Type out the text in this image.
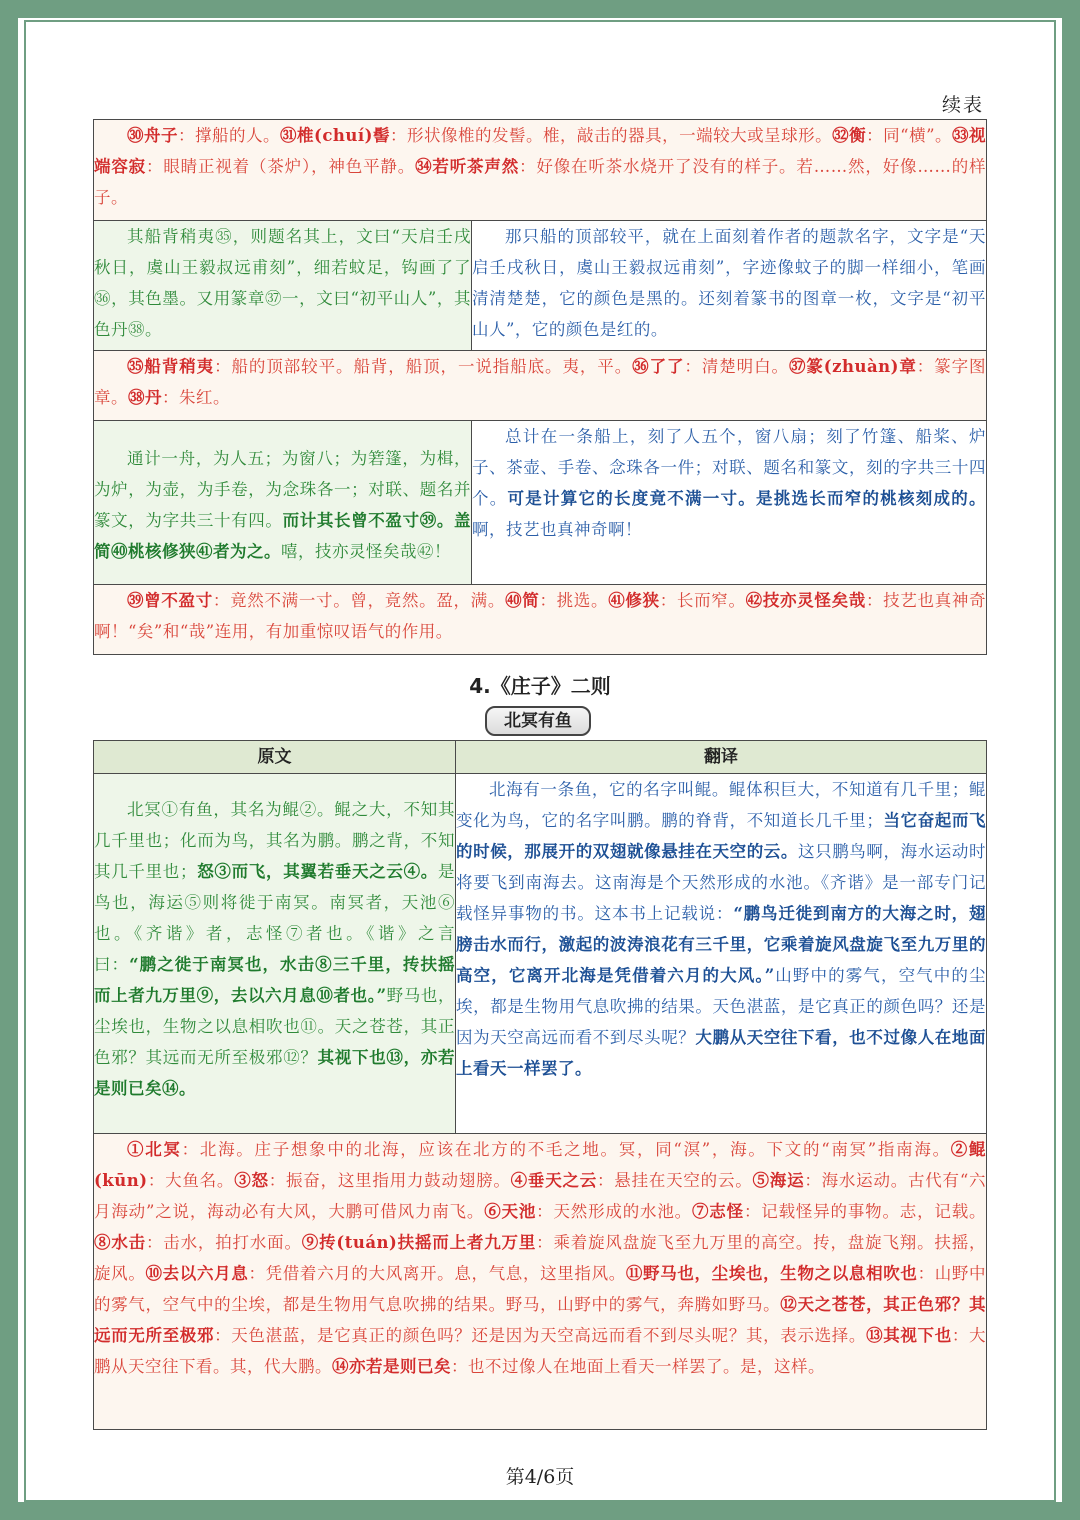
续表
㉚舟子：撑船的人。㉛椎(chuí)髻：形状像椎的发髻。椎，敲击的器具，一端较大或呈球形。㉜衡：同“横”。㉝视端容寂：眼睛正视着（茶炉），神色平静。㉞若听茶声然：好像在听茶水烧开了没有的样子。若……然，好像……的样子。	

其船背稍夷㉟，则题名其上，文曰“天启壬戌秋日，虞山王毅叔远甫刻”，细若蚊足，钩画了了㊱，其色墨。又用篆章㊲一，文曰“初平山人”，其色丹㊳。	那只船的顶部较平，就在上面刻着作者的题款名字，文字是“天启壬戌秋日，虞山王毅叔远甫刻”，字迹像蚊子的脚一样细小，笔画清清楚楚，它的颜色是黑的。还刻着篆书的图章一枚，文字是“初平山人”，它的颜色是红的。

㉟船背稍夷：船的顶部较平。船背，船顶，一说指船底。夷，平。㊱了了：清楚明白。㊲篆(zhuàn)章：篆字图章。㊳丹：朱红。	

通计一舟，为人五；为窗八；为箬篷，为楫，为炉，为壶，为手卷，为念珠各一；对联、题名并篆文，为字共三十有四。而计其长曾不盈寸㊴。盖简㊵桃核修狭㊶者为之。嘻，技亦灵怪矣哉㊷！	总计在一条船上，刻了人五个，窗八扇；刻了竹篷、船桨、炉子、茶壶、手卷、念珠各一件；对联、题名和篆文，刻的字共三十四个。可是计算它的长度竟不满一寸。是挑选长而窄的桃核刻成的。啊，技艺也真神奇啊！

㊴曾不盈寸：竟然不满一寸。曾，竟然。盈，满。㊵简：挑选。㊶修狭：长而窄。㊷技亦灵怪矣哉：技艺也真神奇啊！“矣”和“哉”连用，有加重惊叹语气的作用。	
4.《庄子》二则
北冥有鱼
原文	翻译

北冥①有鱼，其名为鲲②。鲲之大，不知其几千里也；化而为鸟，其名为鹏。鹏之背，不知其几千里也；怒③而飞，其翼若垂天之云④。是鸟也，海运⑤则将徙于南冥。南冥者，天池⑥也。《齐谐》者，志怪⑦者也。《谐》之言曰：“鹏之徙于南冥也，水击⑧三千里，抟扶摇而上者九万里⑨，去以六月息⑩者也。”野马也，尘埃也，生物之以息相吹也⑪。天之苍苍，其正色邪？其远而无所至极邪⑫？其视下也⑬，亦若是则已矣⑭。	北海有一条鱼，它的名字叫鲲。鲲体积巨大，不知道有几千里；鲲变化为鸟，它的名字叫鹏。鹏的脊背，不知道长几千里；当它奋起而飞的时候，那展开的双翅就像悬挂在天空的云。这只鹏鸟啊，海水运动时将要飞到南海去。这南海是个天然形成的水池。《齐谐》是一部专门记载怪异事物的书。这本书上记载说：“鹏鸟迁徙到南方的大海之时，翅膀击水而行，激起的波涛浪花有三千里，它乘着旋风盘旋飞至九万里的高空，它离开北海是凭借着六月的大风。”山野中的雾气，空气中的尘埃，都是生物用气息吹拂的结果。天色湛蓝，是它真正的颜色吗？还是因为天空高远而看不到尽头呢？大鹏从天空往下看，也不过像人在地面上看天一样罢了。

①北冥：北海。庄子想象中的北海，应该在北方的不毛之地。冥，同“溟”，海。下文的“南冥”指南海。②鲲(kūn)：大鱼名。③怒：振奋，这里指用力鼓动翅膀。④垂天之云：悬挂在天空的云。⑤海运：海水运动。古代有“六月海动”之说，海动必有大风，大鹏可借风力南飞。⑥天池：天然形成的水池。⑦志怪：记载怪异的事物。志，记载。⑧水击：击水，拍打水面。⑨抟(tuán)扶摇而上者九万里：乘着旋风盘旋飞至九万里的高空。抟，盘旋飞翔。扶摇，旋风。⑩去以六月息：凭借着六月的大风离开。息，气息，这里指风。⑪野马也，尘埃也，生物之以息相吹也：山野中的雾气，空气中的尘埃，都是生物用气息吹拂的结果。野马，山野中的雾气，奔腾如野马。⑫天之苍苍，其正色邪？其远而无所至极邪：天色湛蓝，是它真正的颜色吗？还是因为天空高远而看不到尽头呢？其，表示选择。⑬其视下也：大鹏从天空往下看。其，代大鹏。⑭亦若是则已矣：也不过像人在地面上看天一样罢了。是，这样。	
第4/6页
